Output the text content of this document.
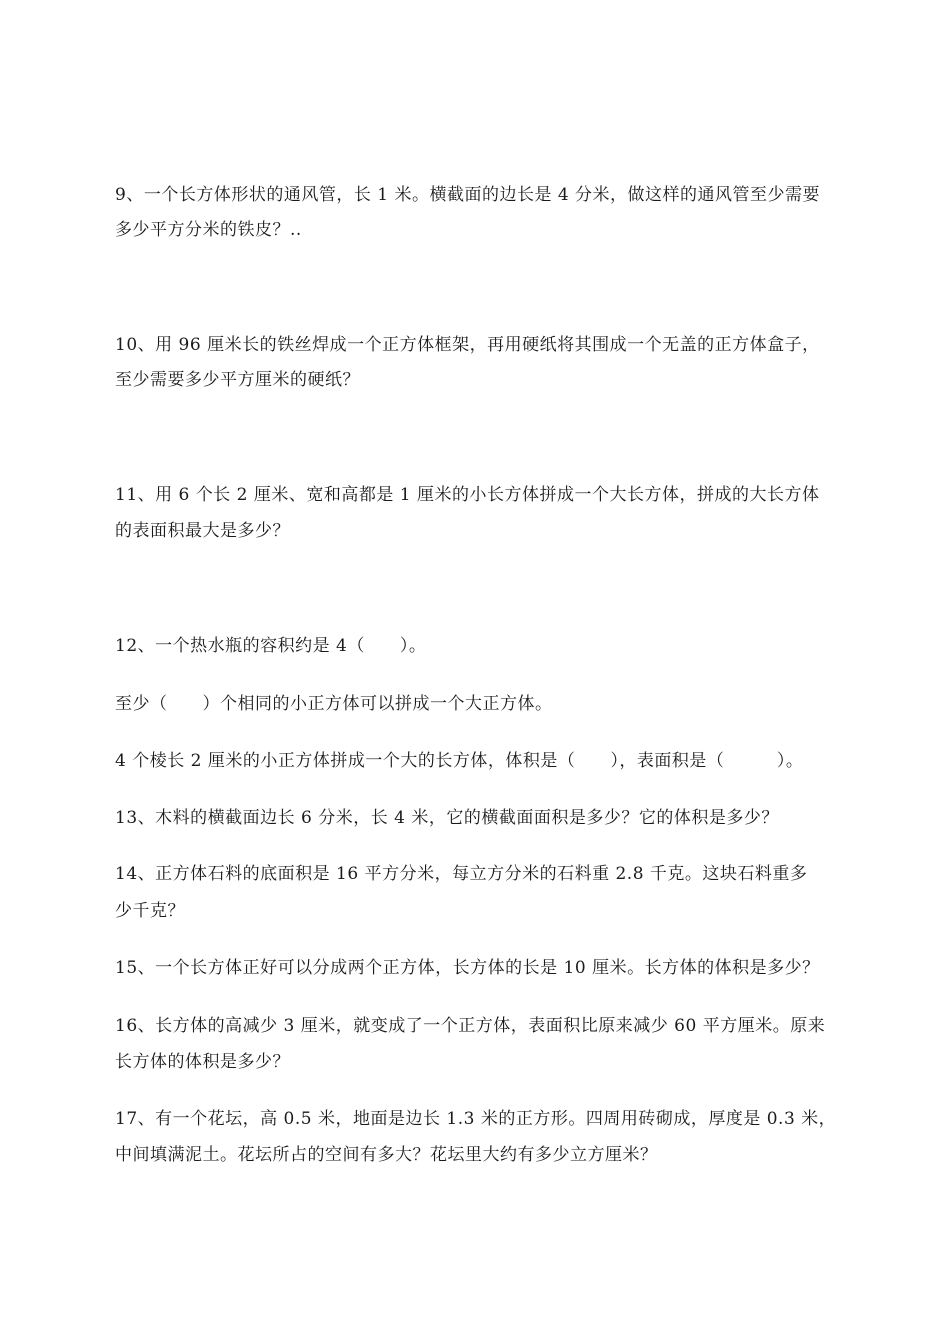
9、一个长方体形状的通风管，长 1 米。横截面的边长是 4 分米，做这样的通风管至少需要
多少平方分米的铁皮？..
10、用 96 厘米长的铁丝焊成一个正方体框架，再用硬纸将其围成一个无盖的正方体盒子，
至少需要多少平方厘米的硬纸？
11、用 6 个长 2 厘米、宽和高都是 1 厘米的小长方体拼成一个大长方体，拼成的大长方体
的表面积最大是多少？
12、一个热水瓶的容积约是 4（　　）。
至少（　　）个相同的小正方体可以拼成一个大正方体。
4 个棱长 2 厘米的小正方体拼成一个大的长方体，体积是（　　），表面积是（　　　）。
13、木料的横截面边长 6 分米，长 4 米，它的横截面面积是多少？它的体积是多少？
14、正方体石料的底面积是 16 平方分米，每立方分米的石料重 2.8 千克。这块石料重多
少千克？
15、一个长方体正好可以分成两个正方体，长方体的长是 10 厘米。长方体的体积是多少？
16、长方体的高减少 3 厘米，就变成了一个正方体，表面积比原来减少 60 平方厘米。原来
长方体的体积是多少？
17、有一个花坛，高 0.5 米，地面是边长 1.3 米的正方形。四周用砖砌成，厚度是 0.3 米，
中间填满泥土。花坛所占的空间有多大？花坛里大约有多少立方厘米？
